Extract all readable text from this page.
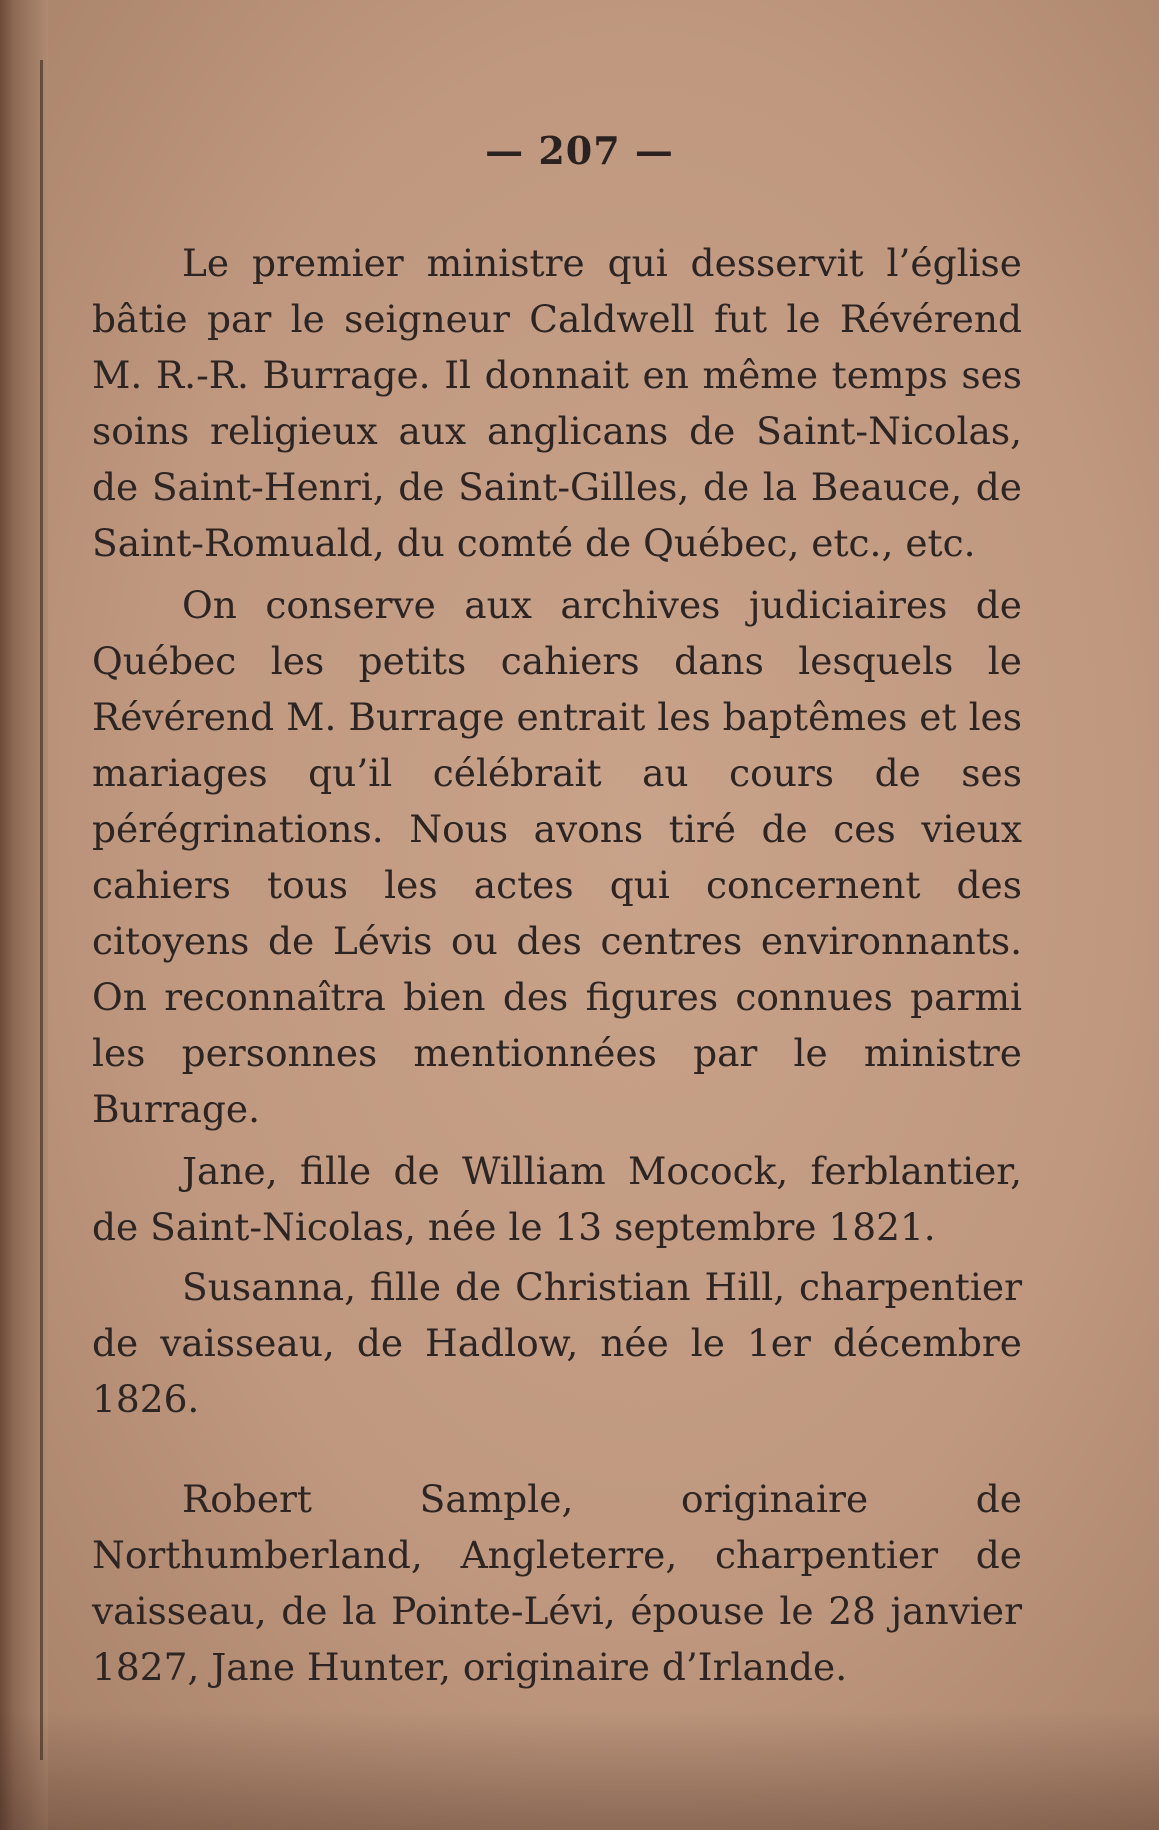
— 207 —

Le premier ministre qui desservit l’église bâtie par le seigneur Caldwell fut le Révérend M. R.-R. Burrage. Il donnait en même temps ses soins religieux aux anglicans de Saint-Nicolas, de Saint-Henri, de Saint-Gilles, de la Beauce, de Saint-Romuald, du comté de Québec, etc., etc.

On conserve aux archives judiciaires de Québec les petits cahiers dans lesquels le Révérend M. Burrage entrait les baptêmes et les mariages qu’il célébrait au cours de ses pérégrinations. Nous avons tiré de ces vieux cahiers tous les actes qui concernent des citoyens de Lévis ou des centres environnants. On reconnaîtra bien des figures connues parmi les personnes mentionnées par le ministre Burrage.

Jane, fille de William Mocock, ferblantier, de Saint-Nicolas, née le 13 septembre 1821.

Susanna, fille de Christian Hill, charpentier de vaisseau, de Hadlow, née le 1er décembre 1826.

Robert Sample, originaire de Northumberland, Angleterre, charpentier de vaisseau, de la Pointe-Lévi, épouse le 28 janvier 1827, Jane Hunter, originaire d’Irlande.
